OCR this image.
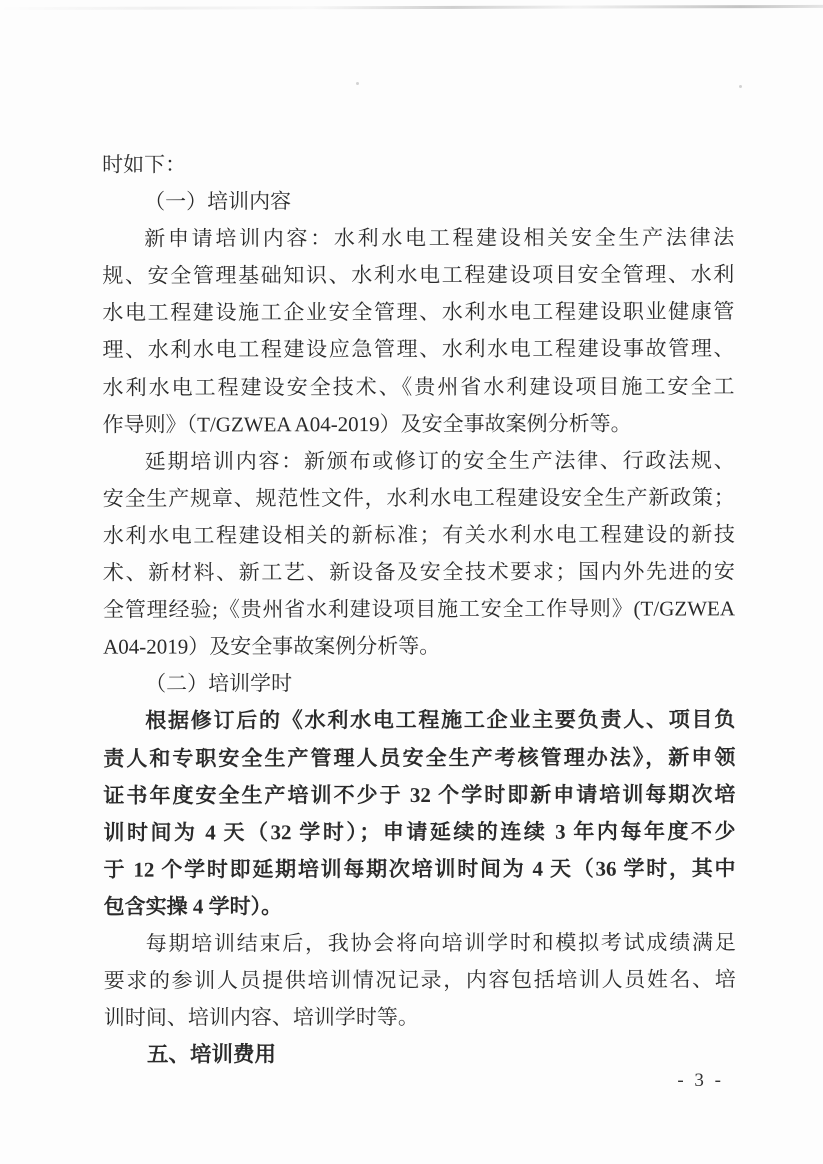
时如下：
（一）培训内容
新申请培训内容：水利水电工程建设相关安全生产法律法
规、安全管理基础知识、水利水电工程建设项目安全管理、水利
水电工程建设施工企业安全管理、水利水电工程建设职业健康管
理、水利水电工程建设应急管理、水利水电工程建设事故管理、
水利水电工程建设安全技术、《贵州省水利建设项目施工安全工
作导则》（T/GZWEA A04-2019）及安全事故案例分析等。
延期培训内容：新颁布或修订的安全生产法律、行政法规、
安全生产规章、规范性文件，水利水电工程建设安全生产新政策；
水利水电工程建设相关的新标准；有关水利水电工程建设的新技
术、新材料、新工艺、新设备及安全技术要求；国内外先进的安
全管理经验;《贵州省水利建设项目施工安全工作导则》(T/GZWEA
A04-2019）及安全事故案例分析等。
（二）培训学时
根据修订后的《水利水电工程施工企业主要负责人、项目负
责人和专职安全生产管理人员安全生产考核管理办法》，新申领
证书年度安全生产培训不少于 32 个学时即新申请培训每期次培
训时间为 4 天（32 学时）；申请延续的连续 3 年内每年度不少
于 12 个学时即延期培训每期次培训时间为 4 天（36 学时，其中
包含实操 4 学时）。
每期培训结束后，我协会将向培训学时和模拟考试成绩满足
要求的参训人员提供培训情况记录，内容包括培训人员姓名、培
训时间、培训内容、培训学时等。
五、培训费用
- 3 -
